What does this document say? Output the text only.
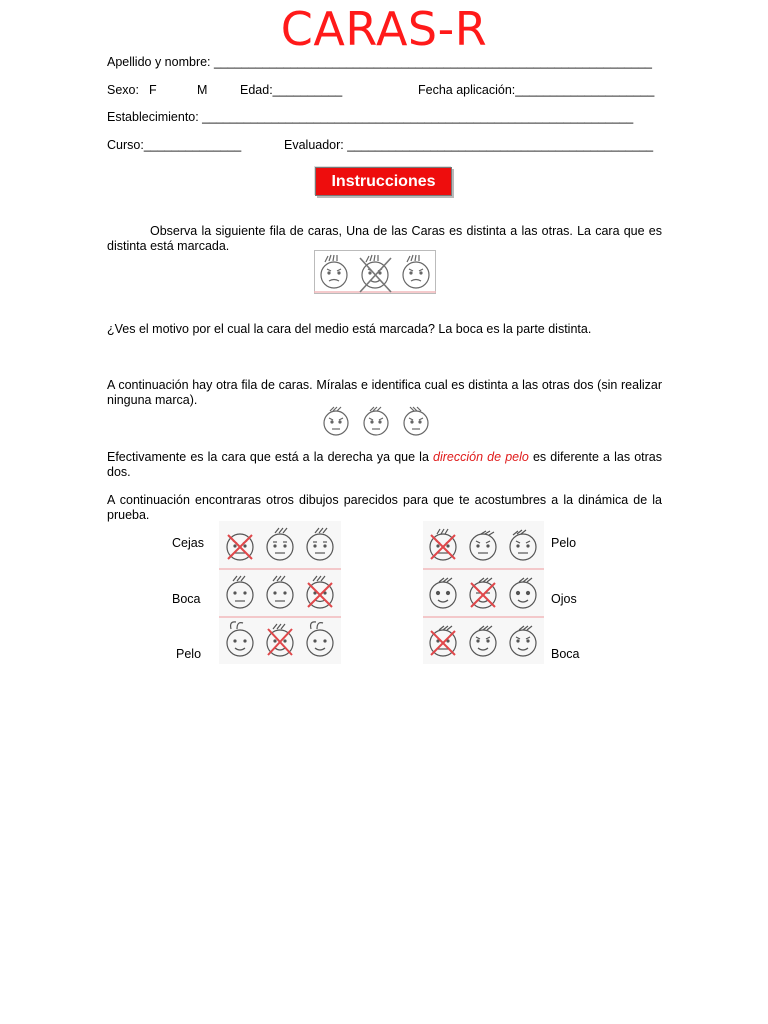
CARAS-R
Apellido y nombre: _______________________________________________________________
Sexo: F	M	Edad:__________	Fecha aplicación:____________________
Establecimiento: ______________________________________________________________
Curso:______________	Evaluador: ____________________________________________
Instrucciones
Observa la siguiente fila de caras, Una de las Caras es distinta a las otras. La cara que es distinta está marcada.
¿Ves el motivo por el cual la cara del medio está marcada? La boca es la parte distinta.
A continuación hay otra fila de caras. Míralas e identifica cual es distinta a las otras dos (sin realizar ninguna marca).
Efectivamente es la cara que está a la derecha ya que la dirección de pelo es diferente a las otras dos.
A continuación encontraras otros dibujos parecidos para que te acostumbres a la dinámica de la prueba.
Cejas
Boca
Pelo
Pelo
Ojos
Boca
